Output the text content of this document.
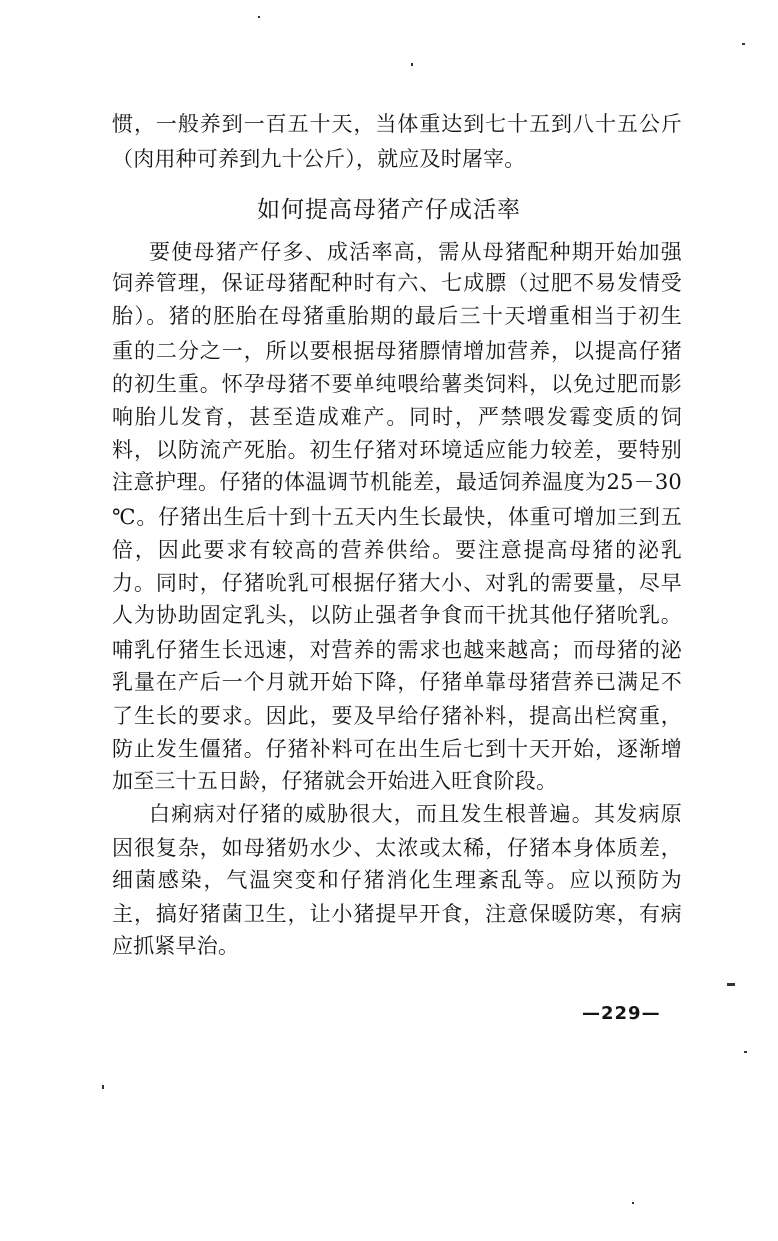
惯，一般养到一百五十天，当体重达到七十五到八十五公斤
（肉用种可养到九十公斤），就应及时屠宰。
如何提高母猪产仔成活率
要使母猪产仔多、成活率高，需从母猪配种期开始加强
饲养管理，保证母猪配种时有六、七成膘（过肥不易发情受
胎）。猪的胚胎在母猪重胎期的最后三十天增重相当于初生
重的二分之一，所以要根据母猪膘情增加营养，以提高仔猪
的初生重。怀孕母猪不要单纯喂给薯类饲料，以免过肥而影
响胎儿发育，甚至造成难产。同时，严禁喂发霉变质的饲
料，以防流产死胎。初生仔猪对环境适应能力较差，要特别
注意护理。仔猪的体温调节机能差，最适饲养温度为25－30
℃。仔猪出生后十到十五天内生长最快，体重可增加三到五
倍，因此要求有较高的营养供给。要注意提高母猪的泌乳
力。同时，仔猪吮乳可根据仔猪大小、对乳的需要量，尽早
人为协助固定乳头，以防止强者争食而干扰其他仔猪吮乳。
哺乳仔猪生长迅速，对营养的需求也越来越高；而母猪的泌
乳量在产后一个月就开始下降，仔猪单靠母猪营养已满足不
了生长的要求。因此，要及早给仔猪补料，提高出栏窝重，
防止发生僵猪。仔猪补料可在出生后七到十天开始，逐渐增
加至三十五日龄，仔猪就会开始进入旺食阶段。
白痢病对仔猪的威胁很大，而且发生根普遍。其发病原
因很复杂，如母猪奶水少、太浓或太稀，仔猪本身体质差，
细菌感染，气温突变和仔猪消化生理紊乱等。应以预防为
主，搞好猪菌卫生，让小猪提早开食，注意保暖防寒，有病
应抓紧早治。
—229—
